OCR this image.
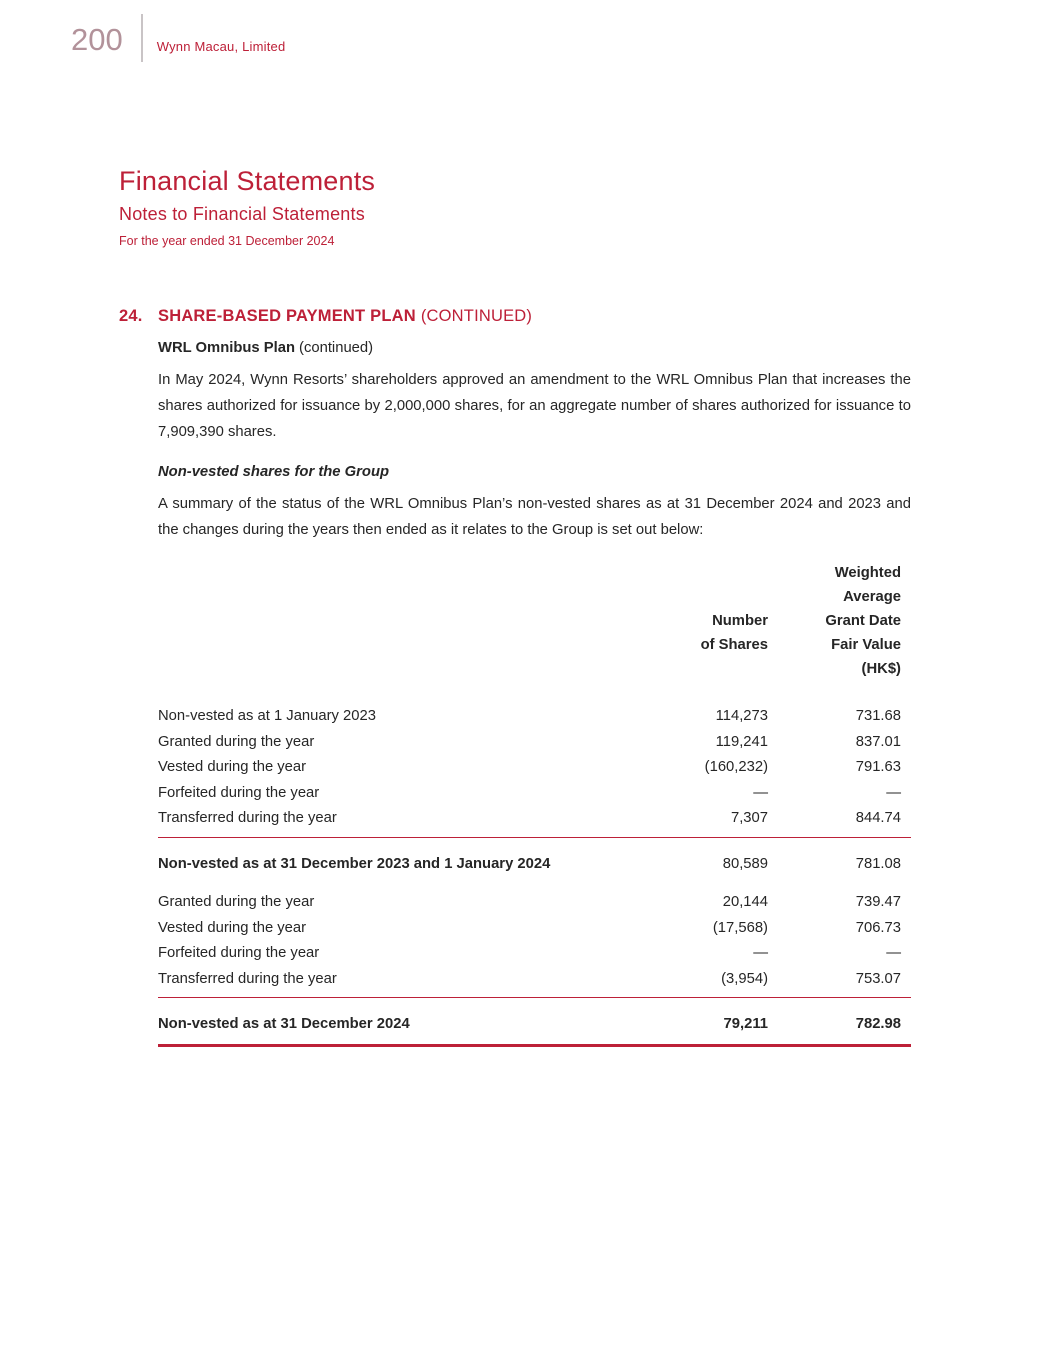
200	Wynn Macau, Limited
Financial Statements
Notes to Financial Statements
For the year ended 31 December 2024
24. SHARE-BASED PAYMENT PLAN (CONTINUED)
WRL Omnibus Plan (continued)

In May 2024, Wynn Resorts’ shareholders approved an amendment to the WRL Omnibus Plan that increases the shares authorized for issuance by 2,000,000 shares, for an aggregate number of shares authorized for issuance to 7,909,390 shares.

Non-vested shares for the Group

A summary of the status of the WRL Omnibus Plan’s non-vested shares as at 31 December 2024 and 2023 and the changes during the years then ended as it relates to the Group is set out below:

Number
of Shares
Weighted
Average
Grant Date
Fair Value
(HK$)
Non-vested as at 1 January 2023	114,273	731.68
Granted during the year	119,241	837.01
Vested during the year	(160,232)	791.63
Forfeited during the year	—	—
Transferred during the year	7,307	844.74
Non-vested as at 31 December 2023 and 1 January 2024	80,589	781.08
Granted during the year	20,144	739.47
Vested during the year	(17,568)	706.73
Forfeited during the year	—	—
Transferred during the year	(3,954)	753.07
Non-vested as at 31 December 2024	79,211	782.98
